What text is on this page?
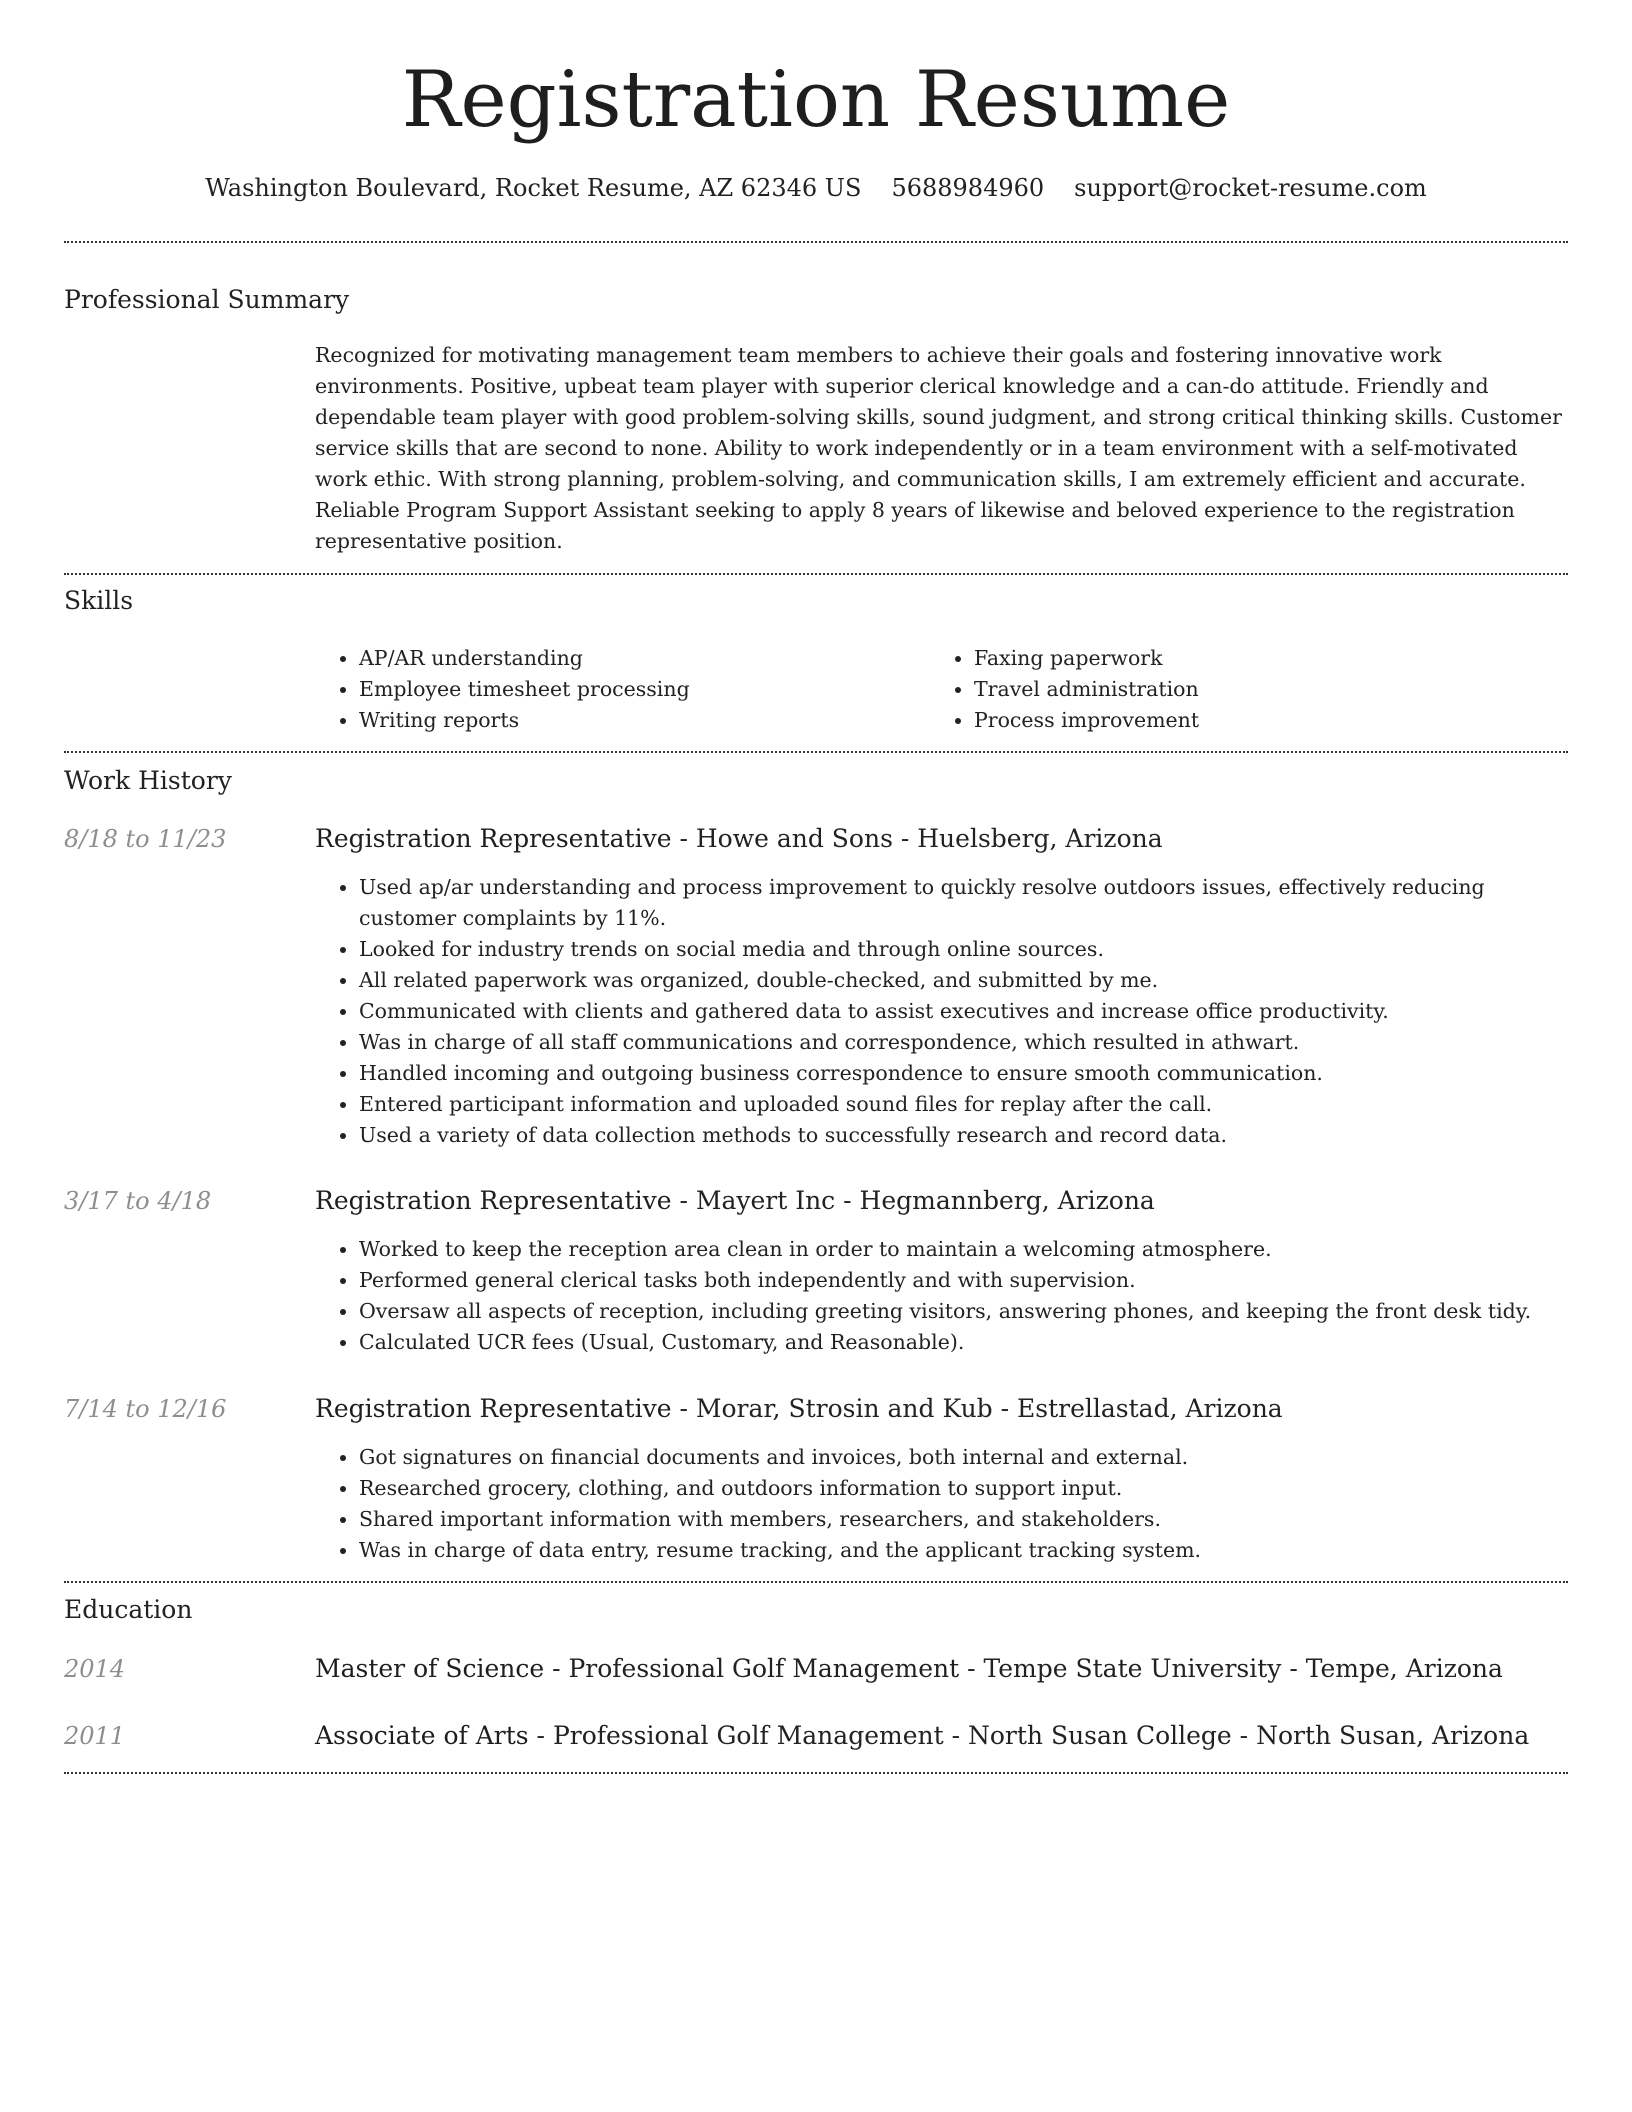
Registration Resume
Washington Boulevard, Rocket Resume, AZ 62346 US 5688984960 support@rocket-resume.com
Professional Summary

Recognized for motivating management team members to achieve their goals and fostering innovative work environments. Positive, upbeat team player with superior clerical knowledge and a can-do attitude. Friendly and dependable team player with good problem-solving skills, sound judgment, and strong critical thinking skills. Customer service skills that are second to none. Ability to work independently or in a team environment with a self-motivated work ethic. With strong planning, problem-solving, and communication skills, I am extremely efficient and accurate. Reliable Program Support Assistant seeking to apply 8 years of likewise and beloved experience to the registration representative position.

Skills
• AP/AR understanding
• Employee timesheet processing
• Writing reports
• Faxing paperwork
• Travel administration
• Process improvement
Work History
8/18 to 11/23	Registration Representative - Howe and Sons - Huelsberg, Arizona
• Used ap/ar understanding and process improvement to quickly resolve outdoors issues, effectively reducing customer complaints by 11%.
• Looked for industry trends on social media and through online sources.
• All related paperwork was organized, double-checked, and submitted by me.
• Communicated with clients and gathered data to assist executives and increase office productivity.
• Was in charge of all staff communications and correspondence, which resulted in athwart.
• Handled incoming and outgoing business correspondence to ensure smooth communication.
• Entered participant information and uploaded sound files for replay after the call.
• Used a variety of data collection methods to successfully research and record data.
3/17 to 4/18	Registration Representative - Mayert Inc - Hegmannberg, Arizona
• Worked to keep the reception area clean in order to maintain a welcoming atmosphere.
• Performed general clerical tasks both independently and with supervision.
• Oversaw all aspects of reception, including greeting visitors, answering phones, and keeping the front desk tidy.
• Calculated UCR fees (Usual, Customary, and Reasonable).
7/14 to 12/16	Registration Representative - Morar, Strosin and Kub - Estrellastad, Arizona
• Got signatures on financial documents and invoices, both internal and external.
• Researched grocery, clothing, and outdoors information to support input.
• Shared important information with members, researchers, and stakeholders.
• Was in charge of data entry, resume tracking, and the applicant tracking system.
Education
2014	Master of Science - Professional Golf Management - Tempe State University - Tempe, Arizona
2011	Associate of Arts - Professional Golf Management - North Susan College - North Susan, Arizona
